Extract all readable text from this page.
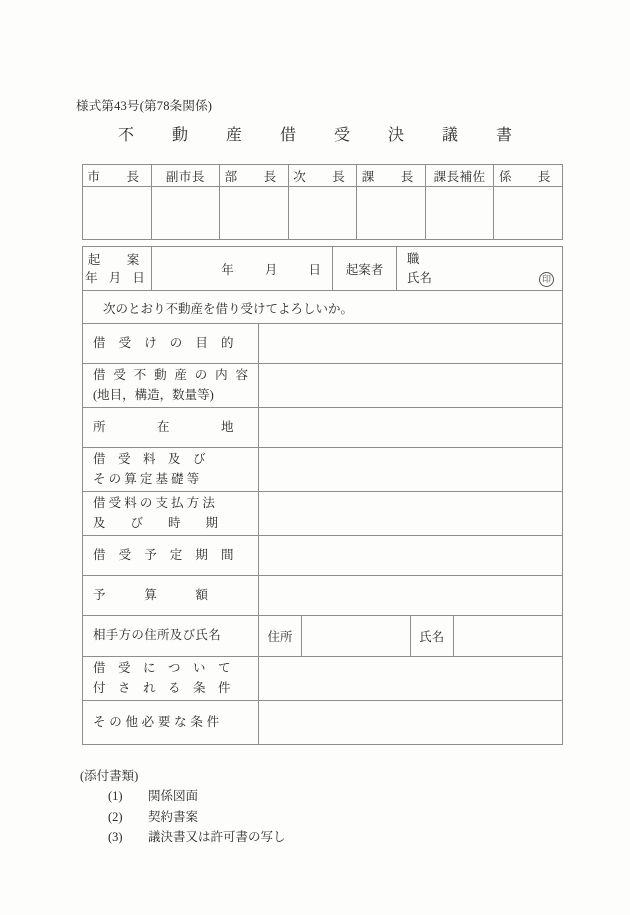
様式第43号(第78条関係)
不　動　産　借　受　決　議　書
市　長	副市長	部　長	次　長	課　長	課長補佐	係　長

起　案 年 月 日	年 月 日	起案者	
職
氏名	印
次のとおり不動産を借り受けてよろしいか。
借　受　け　の　目　的

借受不動産の内容
(地目，構造，数量等)

所　　　　在　　　　地

借　受　料　及　び
そ の 算 定 基 礎 等

借 受 料 の 支 払 方 法
及　　び　　時　　期

借　受　予　定　期　間

予　　　算　　　額

相手方の住所及び氏名
		住所		氏名	

借　受　に　つ　い　て
付　さ　れ　る　条　件

そ の 他 必 要 な 条 件

(添付書類)
(1) 関係図面
(2) 契約書案
(3) 議決書又は許可書の写し
